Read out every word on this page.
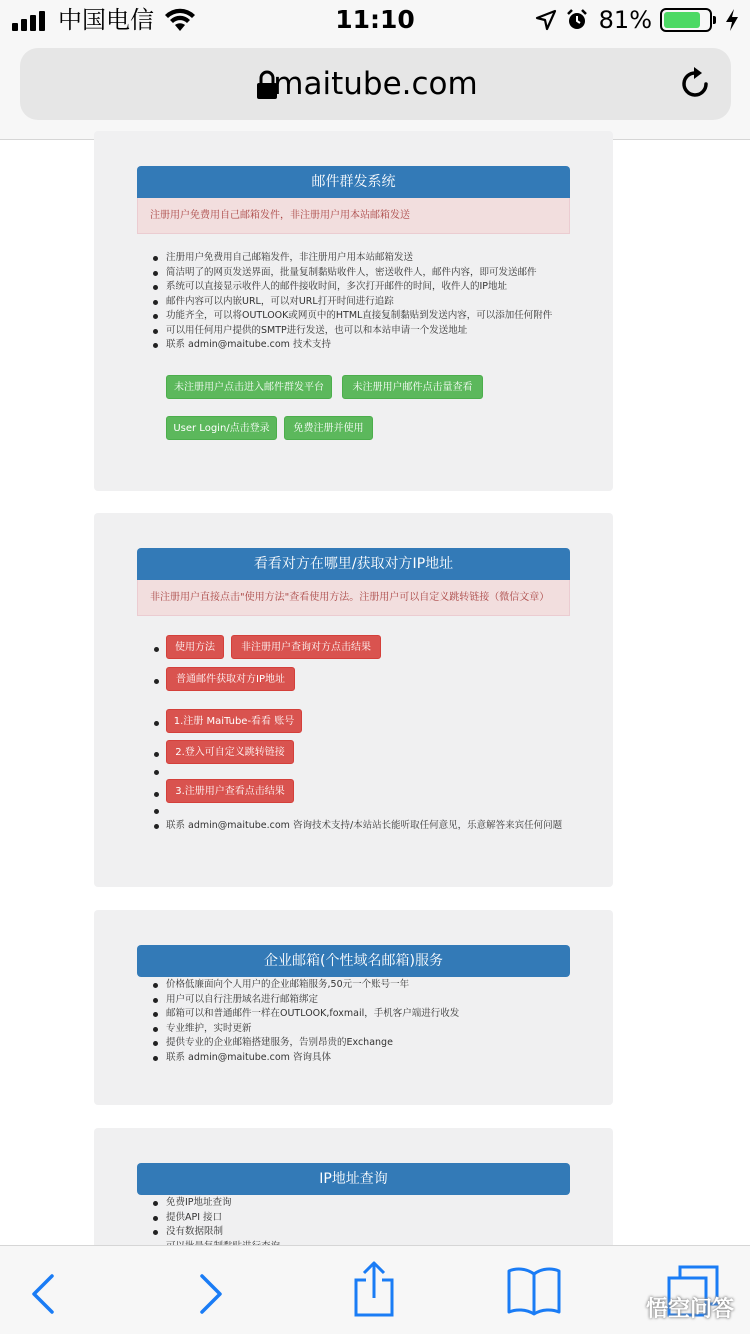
中国电信	11:10	81%
maitube.com
邮件群发系统
注册用户免费用自己邮箱发件，非注册用户用本站邮箱发送
注册用户免费用自己邮箱发件，非注册用户用本站邮箱发送
简洁明了的网页发送界面，批量复制黏贴收件人，密送收件人，邮件内容，即可发送邮件
系统可以直接显示收件人的邮件接收时间，多次打开邮件的时间，收件人的IP地址
邮件内容可以内嵌URL，可以对URL打开时间进行追踪
功能齐全，可以将OUTLOOK或网页中的HTML直接复制黏贴到发送内容，可以添加任何附件
可以用任何用户提供的SMTP进行发送，也可以和本站申请一个发送地址
联系 admin@maitube.com 技术支持
未注册用户点击进入邮件群发平台	未注册用户邮件点击量查看
User Login/点击登录	免费注册并使用
看看对方在哪里/获取对方IP地址
非注册用户直接点击"使用方法"查看使用方法。注册用户可以自定义跳转链接（微信文章）
使用方法	非注册用户查询对方点击结果
普通邮件获取对方IP地址
1.注册 MaiTube-看看 账号
2.登入可自定义跳转链接
3.注册用户查看点击结果
联系 admin@maitube.com 咨询技术支持/本站站长能听取任何意见，乐意解答来宾任何问题
企业邮箱(个性域名邮箱)服务
价格低廉面向个人用户的企业邮箱服务,50元一个账号一年
用户可以自行注册域名进行邮箱绑定
邮箱可以和普通邮件一样在OUTLOOK,foxmail，手机客户端进行收发
专业维护，实时更新
提供专业的企业邮箱搭建服务，告别昂贵的Exchange
联系 admin@maitube.com 咨询具体
IP地址查询
免费IP地址查询
提供API 接口
没有数据限制
悟空问答
